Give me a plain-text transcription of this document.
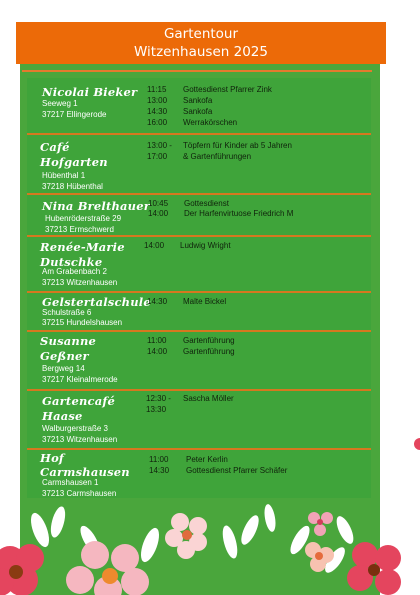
Gartentour
Witzenhausen 2025
Nicolai Bieker
Seeweg 1
37217 Ellingerode
11:15
13:00
14:30
16:00
Gottesdienst Pfarrer Zink
Sankofa
Sankofa
Werrakörschen
Café
Hofgarten
Hübenthal 1
37218 Hübenthal
13:00 -
17:00
Töpfern für Kinder ab 5 Jahren
& Gartenführungen
Nina Brelthauer
Hubenröderstraße 29
37213 Ermschwerd
10:45
14:00
Gottesdienst
Der Harfenvirtuose Friedrich M
Renée-Marie
Dutschke
Am Grabenbach 2
37213 Witzenhausen
14:00 Ludwig Wright
Gelstertalschule
Schulstraße 6
37215 Hundelshausen
14:30 Malte Bickel
Susanne
Geßner
Bergweg 14
37217 Kleinalmerode
11:00
14:00
Gartenführung
Gartenführung
Gartencafé
Haase
Walburgerstraße 3
37213 Witzenhausen
12:30 -
13:30
Sascha Möller
Hof
Carmshausen
Carmshausen 1
37213 Carmshausen
11:00
14:30
Peter Kerlin
Gottesdienst Pfarrer Schäfer
